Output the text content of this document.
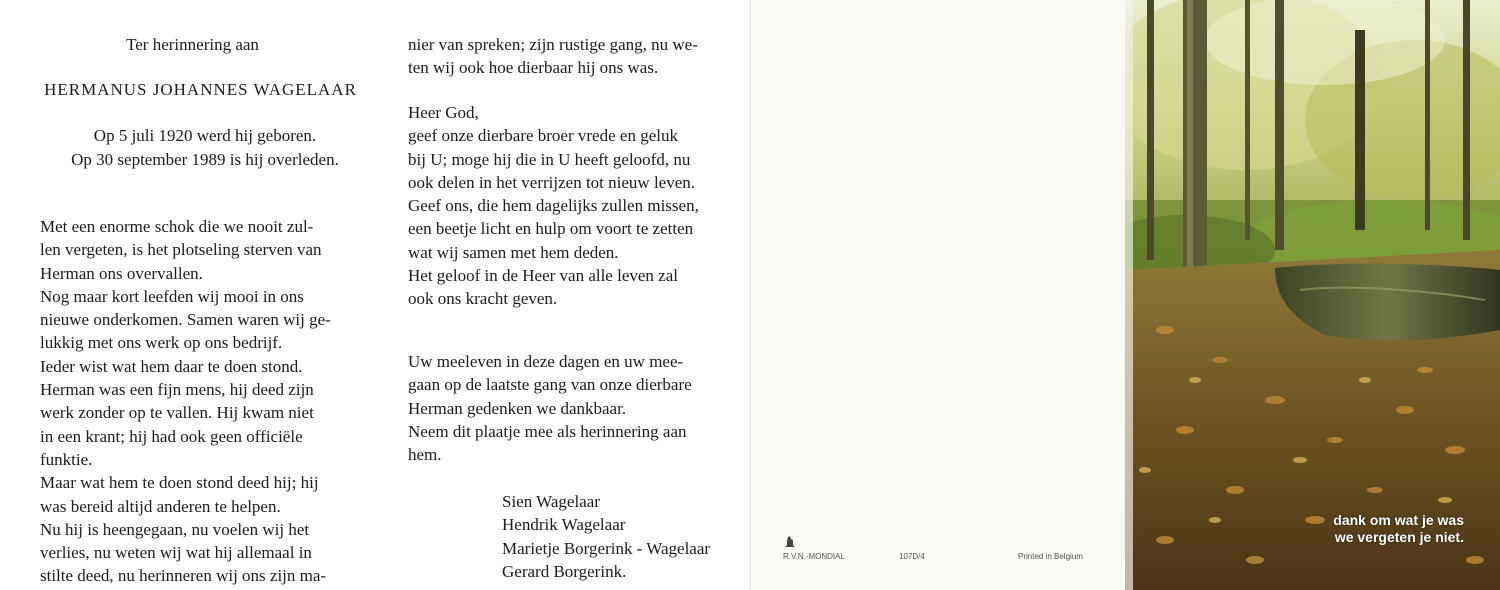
Ter herinnering aan
HERMANUS JOHANNES WAGELAAR
Op 5 juli 1920 werd hij geboren.
Op 30 september 1989 is hij overleden.
Met een enorme schok die we nooit zul-
len vergeten, is het plotseling sterven van
Herman ons overvallen.
Nog maar kort leefden wij mooi in ons
nieuwe onderkomen. Samen waren wij ge-
lukkig met ons werk op ons bedrijf.
Ieder wist wat hem daar te doen stond.
Herman was een fijn mens, hij deed zijn
werk zonder op te vallen. Hij kwam niet
in een krant; hij had ook geen officiële
funktie.
Maar wat hem te doen stond deed hij; hij
was bereid altijd anderen te helpen.
Nu hij is heengegaan, nu voelen wij het
verlies, nu weten wij wat hij allemaal in
stilte deed, nu herinneren wij ons zijn ma-
nier van spreken; zijn rustige gang, nu we-
ten wij ook hoe dierbaar hij ons was.
Heer God,
geef onze dierbare broer vrede en geluk
bij U; moge hij die in U heeft geloofd, nu
ook delen in het verrijzen tot nieuw leven.
Geef ons, die hem dagelijks zullen missen,
een beetje licht en hulp om voort te zetten
wat wij samen met hem deden.
Het geloof in de Heer van alle leven zal
ook ons kracht geven.
Uw meeleven in deze dagen en uw mee-
gaan op de laatste gang van onze dierbare
Herman gedenken we dankbaar.
Neem dit plaatje mee als herinnering aan
hem.
Sien Wagelaar
Hendrik Wagelaar
Marietje Borgerink - Wagelaar
Gerard Borgerink.
R.V.N.-MONDIAL	107D/4	Printed in Belgium
dank om wat je was
we vergeten je niet.
